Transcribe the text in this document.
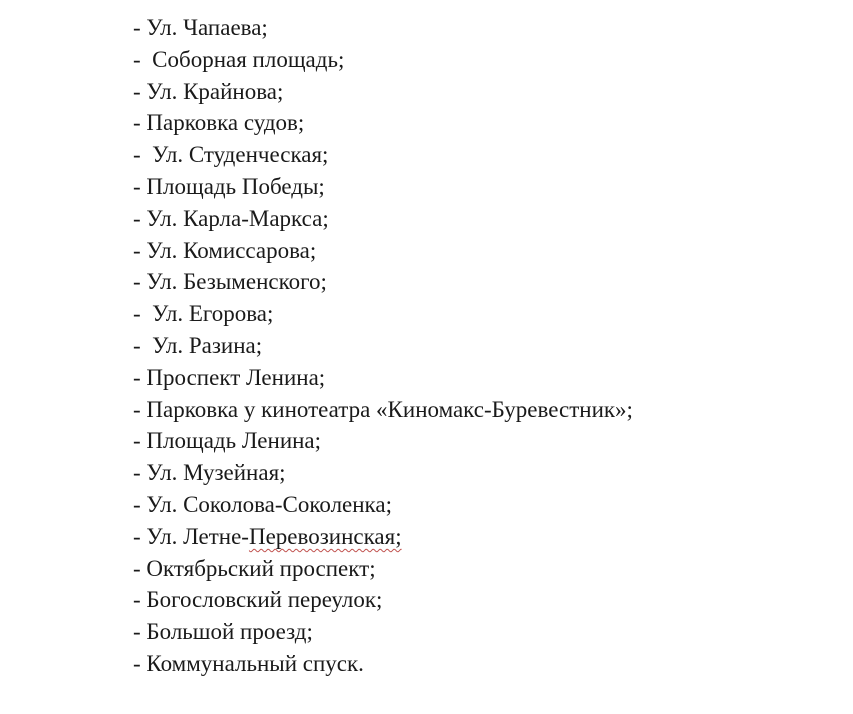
- Ул. Чапаева;

-  Соборная площадь;

- Ул. Крайнова;

- Парковка судов;

-  Ул. Студенческая;

- Площадь Победы;

- Ул. Карла-Маркса;

- Ул. Комиссарова;

- Ул. Безыменского;

-  Ул. Егорова;

-  Ул. Разина;

- Проспект Ленина;

- Парковка у кинотеатра «Киномакс-Буревестник»;

- Площадь Ленина;

- Ул. Музейная;

- Ул. Соколова-Соколенка;

- Ул. Летне-Перевозинская;

- Октябрьский проспект;

- Богословский переулок;

- Большой проезд;

- Коммунальный спуск.
